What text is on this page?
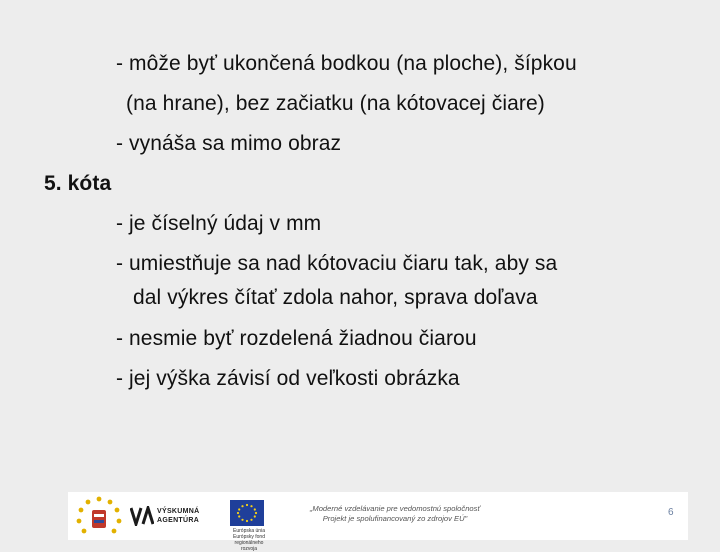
- môže byť ukončená bodkou (na ploche), šípkou
(na hrane), bez začiatku (na kótovacej čiare)
- vynáša sa mimo obraz
5. kóta
- je číselný údaj v mm
- umiestňuje sa nad kótovaciu čiaru tak, aby sa
dal výkres čítať zdola nahor, sprava doľava
- nesmie byť rozdelená žiadnou čiarou
- jej výška závisí od veľkosti obrázka
VÝSKUMNÁ
AGENTÚRA
Európska únia
Európsky fond regionálneho rozvoja
„Moderné vzdelávanie pre vedomostnú spoločnosť
Projekt je spolufinancovaný zo zdrojov EÚ"
6
